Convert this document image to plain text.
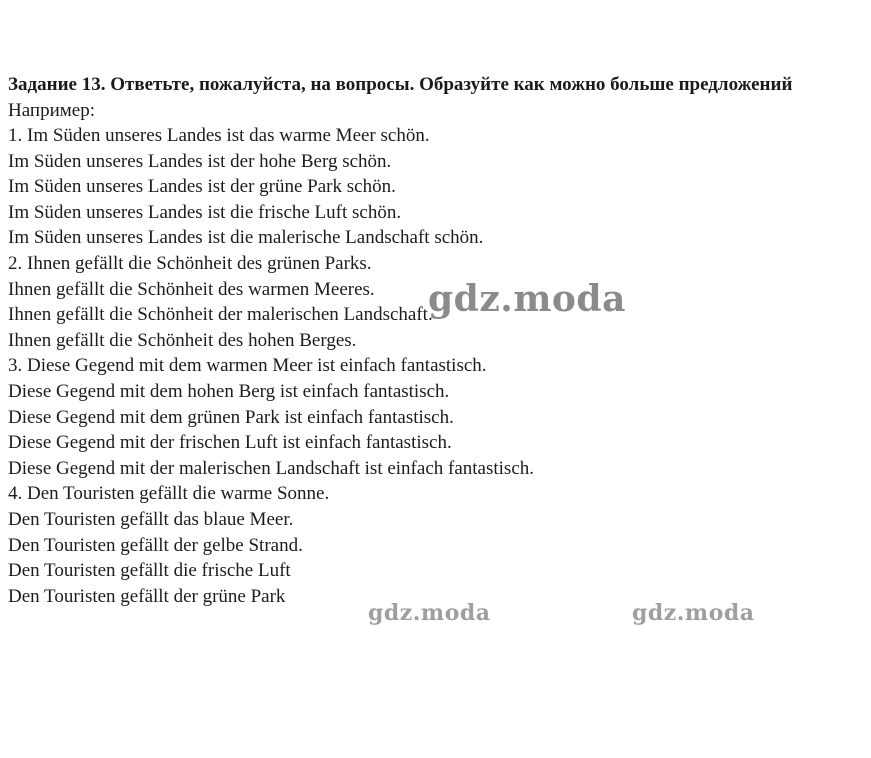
Задание 13. Ответьте, пожалуйста, на вопросы. Образуйте как можно больше предложений

Например:

1. Im Süden unseres Landes ist das warme Meer schön.
Im Süden unseres Landes ist der hohe Berg schön.
Im Süden unseres Landes ist der grüne Park schön.
Im Süden unseres Landes ist die frische Luft schön.
Im Süden unseres Landes ist die malerische Landschaft schön.
2. Ihnen gefällt die Schönheit des grünen Parks.
Ihnen gefällt die Schönheit des warmen Meeres.
Ihnen gefällt die Schönheit der malerischen Landschaft.
Ihnen gefällt die Schönheit des hohen Berges.
3. Diese Gegend mit dem warmen Meer ist einfach fantastisch.
Diese Gegend mit dem hohen Berg ist einfach fantastisch.
Diese Gegend mit dem grünen Park ist einfach fantastisch.
Diese Gegend mit der frischen Luft ist einfach fantastisch.
Diese Gegend mit der malerischen Landschaft ist einfach fantastisch.
4. Den Touristen gefällt die warme Sonne.
Den Touristen gefällt das blaue Meer.
Den Touristen gefällt der gelbe Strand.
Den Touristen gefällt die frische Luft
Den Touristen gefällt der grüne Park
gdz.moda
gdz.moda	gdz.moda
